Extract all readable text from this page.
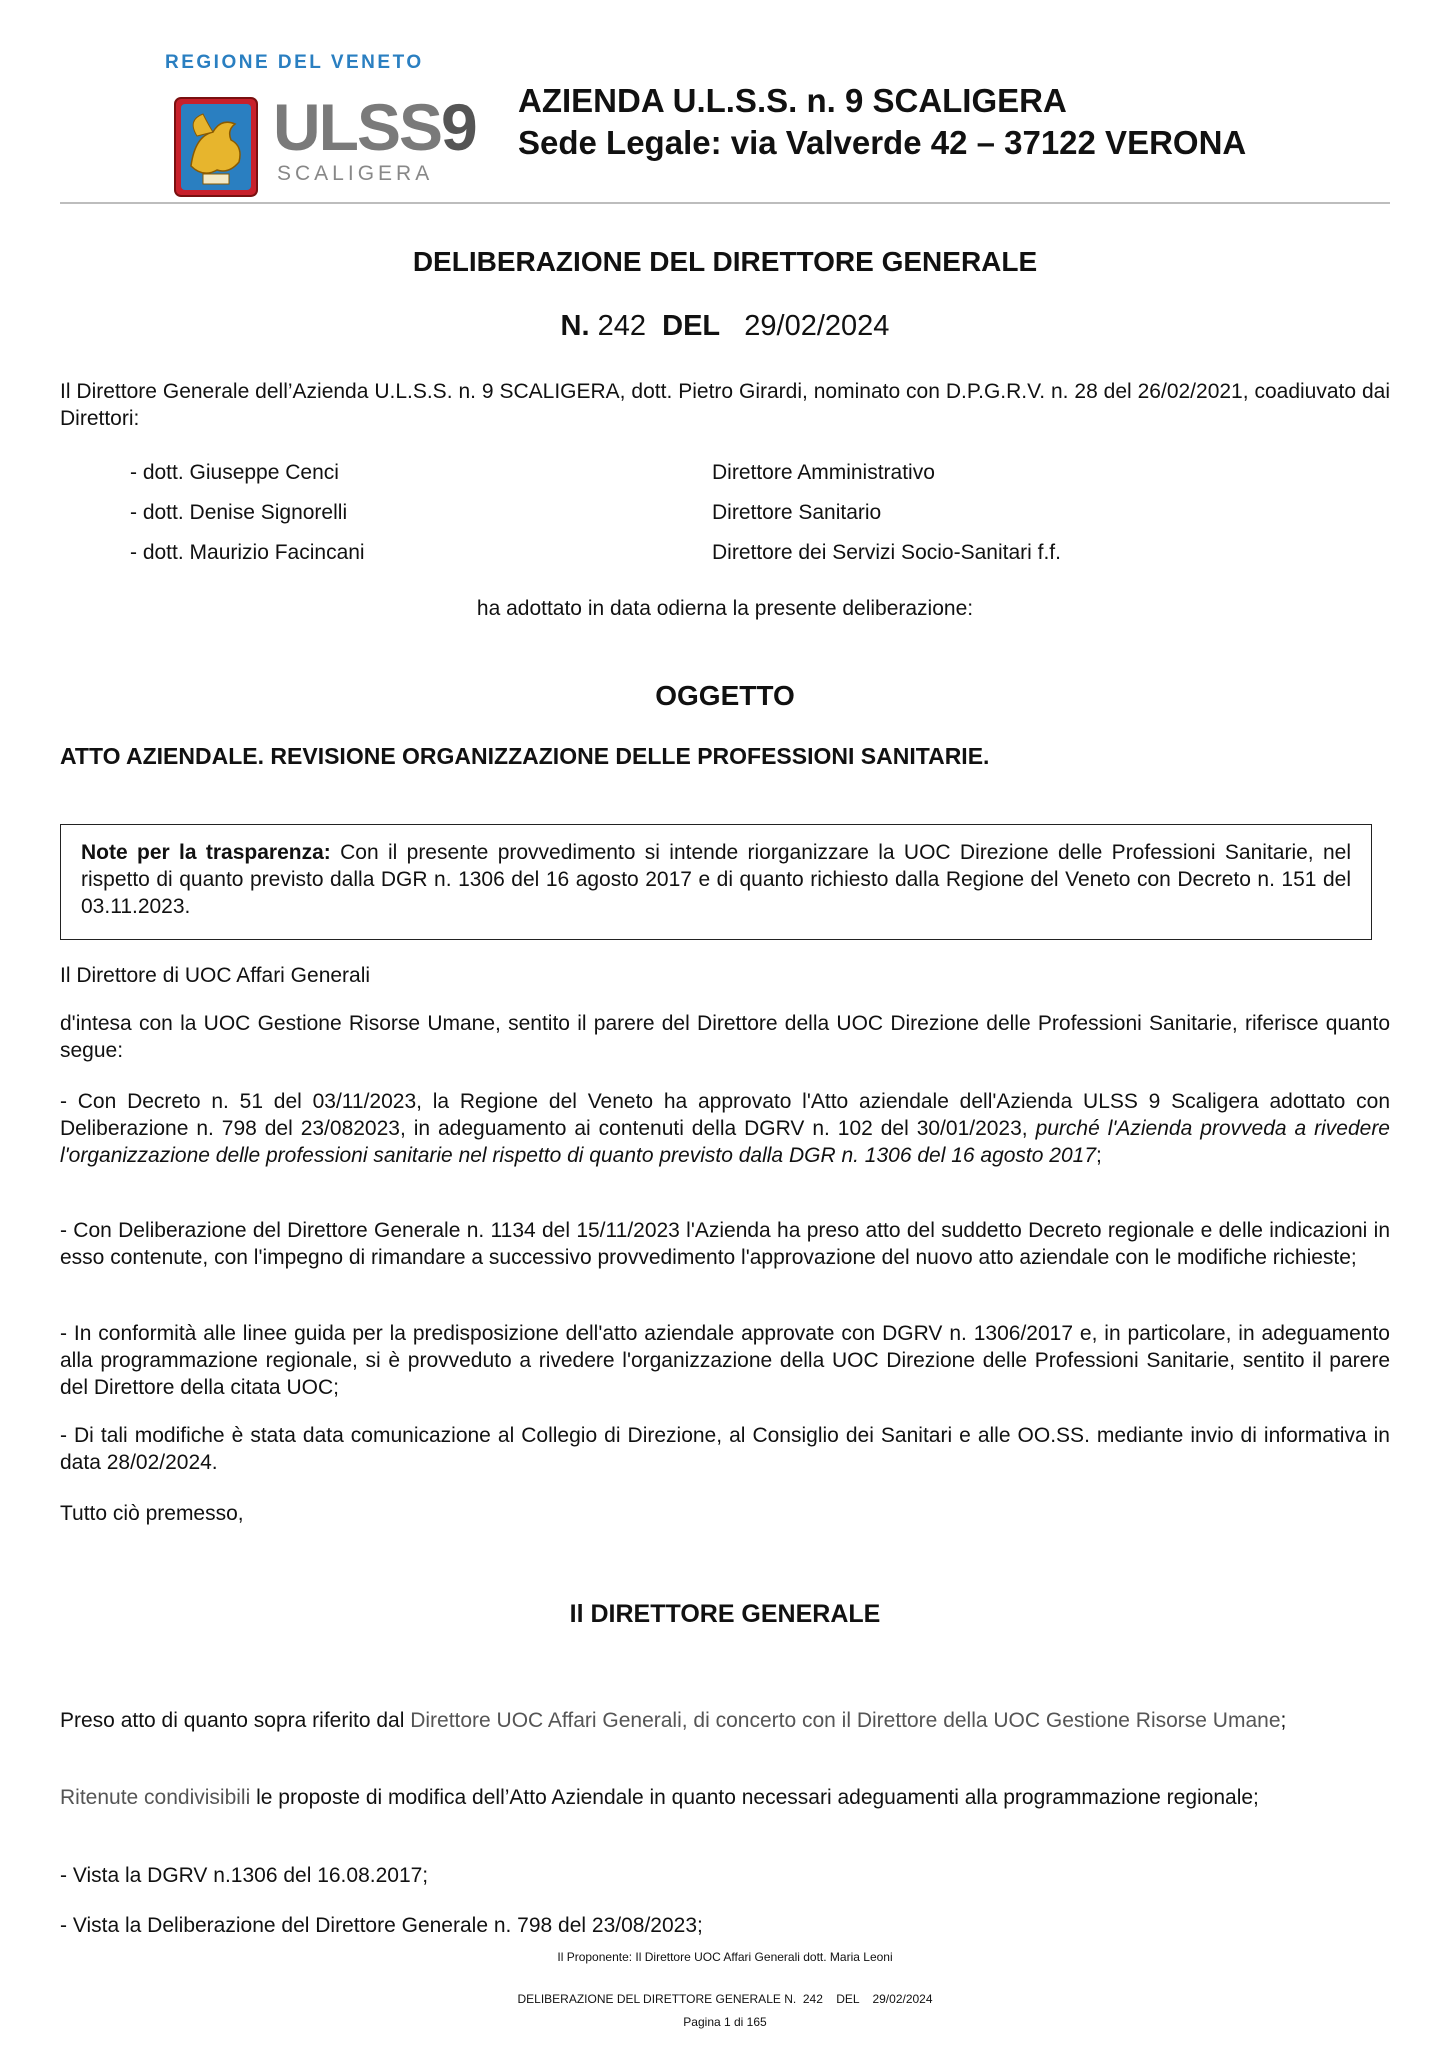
REGIONE DEL VENETO
ULSS9
SCALIGERA
AZIENDA U.L.S.S. n. 9 SCALIGERA
Sede Legale: via Valverde 42 – 37122 VERONA
DELIBERAZIONE DEL DIRETTORE GENERALE
N. 242 DEL 29/02/2024
Il Direttore Generale dell’Azienda U.L.S.S. n. 9 SCALIGERA, dott. Pietro Girardi, nominato con D.P.G.R.V. n. 28 del 26/02/2021, coadiuvato dai Direttori:
- dott. Giuseppe Cenci	Direttore Amministrativo
- dott. Denise Signorelli	Direttore Sanitario
- dott. Maurizio Facincani	Direttore dei Servizi Socio-Sanitari f.f.
ha adottato in data odierna la presente deliberazione:
OGGETTO
ATTO AZIENDALE. REVISIONE ORGANIZZAZIONE DELLE PROFESSIONI SANITARIE.
Note per la trasparenza: Con il presente provvedimento si intende riorganizzare la UOC Direzione delle Professioni Sanitarie, nel rispetto di quanto previsto dalla DGR n. 1306 del 16 agosto 2017 e di quanto richiesto dalla Regione del Veneto con Decreto n. 151 del 03.11.2023.
Il Direttore di UOC Affari Generali
d'intesa con la UOC Gestione Risorse Umane, sentito il parere del Direttore della UOC Direzione delle Professioni Sanitarie, riferisce quanto segue:
- Con Decreto n. 51 del 03/11/2023, la Regione del Veneto ha approvato l'Atto aziendale dell'Azienda ULSS 9 Scaligera adottato con Deliberazione n. 798 del 23/082023, in adeguamento ai contenuti della DGRV n. 102 del 30/01/2023, purché l'Azienda provveda a rivedere l'organizzazione delle professioni sanitarie nel rispetto di quanto previsto dalla DGR n. 1306 del 16 agosto 2017;
- Con Deliberazione del Direttore Generale n. 1134 del 15/11/2023 l'Azienda ha preso atto del suddetto Decreto regionale e delle indicazioni in esso contenute, con l'impegno di rimandare a successivo provvedimento l'approvazione del nuovo atto aziendale con le modifiche richieste;
- In conformità alle linee guida per la predisposizione dell'atto aziendale approvate con DGRV n. 1306/2017 e, in particolare, in adeguamento alla programmazione regionale, si è provveduto a rivedere l'organizzazione della UOC Direzione delle Professioni Sanitarie, sentito il parere del Direttore della citata UOC;
- Di tali modifiche è stata data comunicazione al Collegio di Direzione, al Consiglio dei Sanitari e alle OO.SS. mediante invio di informativa in data 28/02/2024.
Tutto ciò premesso,
Il DIRETTORE GENERALE
Preso atto di quanto sopra riferito dal Direttore UOC Affari Generali, di concerto con il Direttore della UOC Gestione Risorse Umane;
Ritenute condivisibili le proposte di modifica dell’Atto Aziendale in quanto necessari adeguamenti alla programmazione regionale;
- Vista la DGRV n.1306 del 16.08.2017;
- Vista la Deliberazione del Direttore Generale n. 798 del 23/08/2023;
Il Proponente: Il Direttore UOC Affari Generali dott. Maria Leoni
DELIBERAZIONE DEL DIRETTORE GENERALE N.  242    DEL    29/02/2024
Pagina 1 di 165
